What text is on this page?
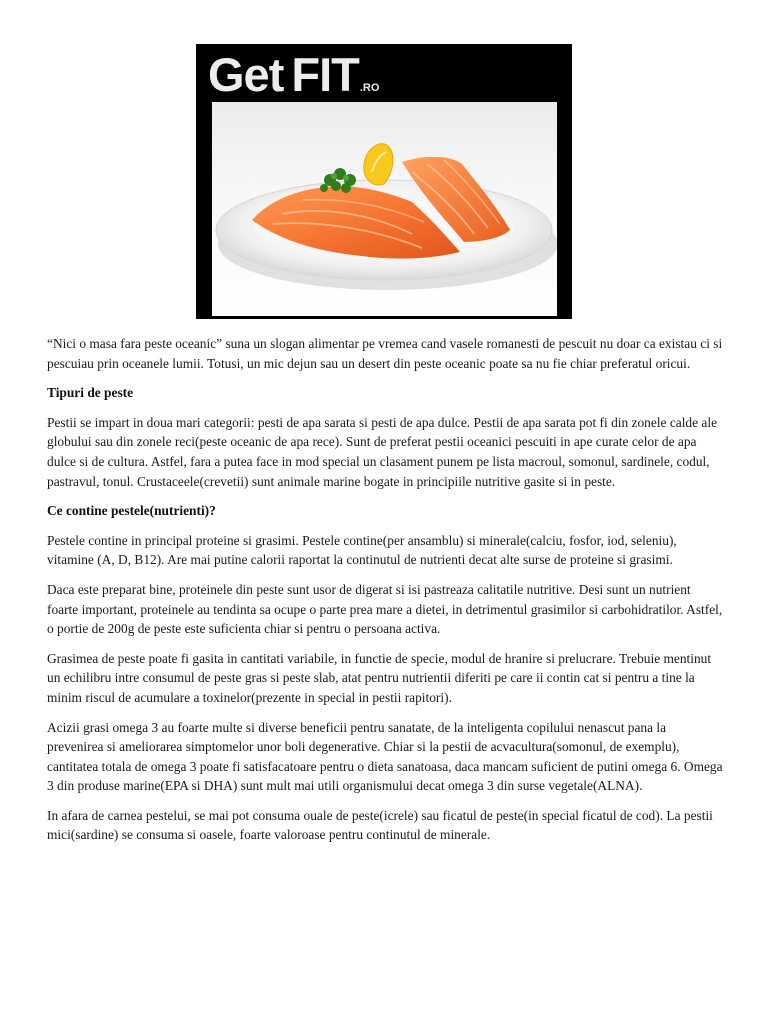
Get FIT.RO

“Nici o masa fara peste oceanic” suna un slogan alimentar pe vremea cand vasele romanesti de pescuit nu doar ca existau ci si pescuiau prin oceanele lumii. Totusi, un mic dejun sau un desert din peste oceanic poate sa nu fie chiar preferatul oricui.

Tipuri de peste

Pestii se impart in doua mari categorii: pesti de apa sarata si pesti de apa dulce. Pestii de apa sarata pot fi din zonele calde ale globului sau din zonele reci(peste oceanic de apa rece). Sunt de preferat pestii oceanici pescuiti in ape curate celor de apa dulce si de cultura. Astfel, fara a putea face in mod special un clasament punem pe lista macroul, somonul, sardinele, codul, pastravul, tonul. Crustaceele(crevetii) sunt animale marine bogate in principiile nutritive gasite si in peste.

Ce contine pestele(nutrienti)?

Pestele contine in principal proteine si grasimi. Pestele contine(per ansamblu) si minerale(calciu, fosfor, iod, seleniu), vitamine (A, D, B12). Are mai putine calorii raportat la continutul de nutrienti decat alte surse de proteine si grasimi.

Daca este preparat bine, proteinele din peste sunt usor de digerat si isi pastreaza calitatile nutritive. Desi sunt un nutrient foarte important, proteinele au tendinta sa ocupe o parte prea mare a dietei, in detrimentul grasimilor si carbohidratilor. Astfel, o portie de 200g de peste este suficienta chiar si pentru o persoana activa.

Grasimea de peste poate fi gasita in cantitati variabile, in functie de specie, modul de hranire si prelucrare. Trebuie mentinut un echilibru intre consumul de peste gras si peste slab, atat pentru nutrientii diferiti pe care ii contin cat si pentru a tine la minim riscul de acumulare a toxinelor(prezente in special in pestii rapitori).

Acizii grasi omega 3 au foarte multe si diverse beneficii pentru sanatate, de la inteligenta copilului nenascut pana la prevenirea si ameliorarea simptomelor unor boli degenerative. Chiar si la pestii de acvacultura(somonul, de exemplu), cantitatea totala de omega 3 poate fi satisfacatoare pentru o dieta sanatoasa, daca mancam suficient de putini omega 6. Omega 3 din produse marine(EPA si DHA) sunt mult mai utili organismului decat omega 3 din surse vegetale(ALNA).

In afara de carnea pestelui, se mai pot consuma ouale de peste(icrele) sau ficatul de peste(in special ficatul de cod). La pestii mici(sardine) se consuma si oasele, foarte valoroase pentru continutul de minerale.
